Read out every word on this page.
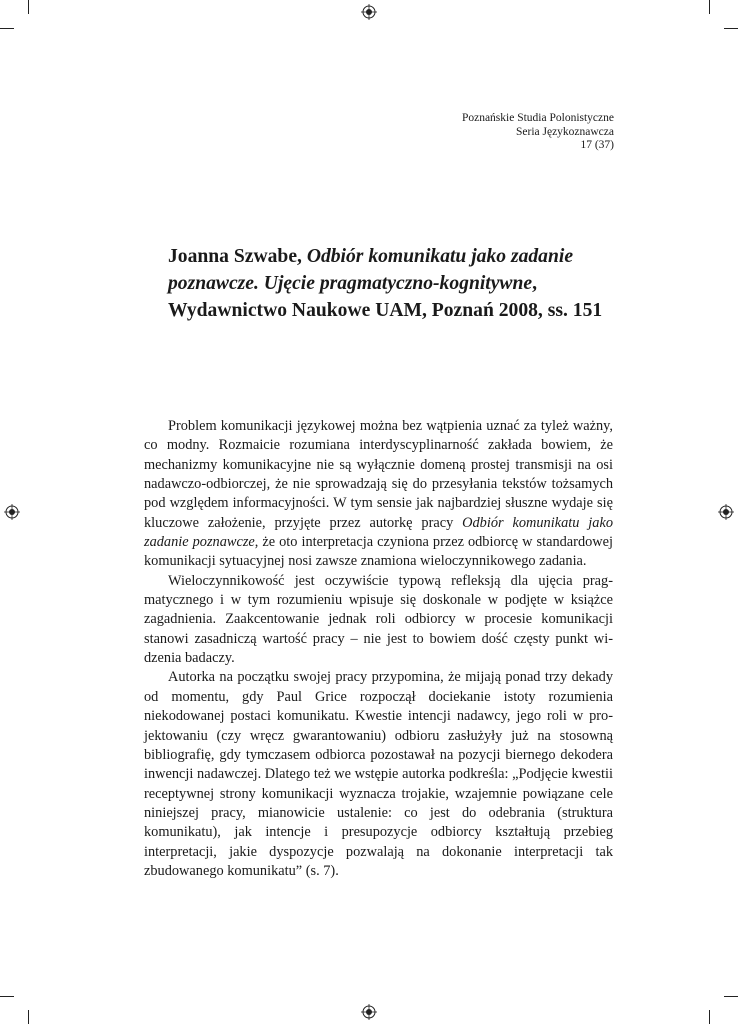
Poznańskie Studia Polonistyczne
Seria Językoznawcza
17 (37)
Joanna Szwabe, Odbiór komunikatu jako zadanie poznawcze. Ujęcie pragmatyczno-kognitywne, Wydawnictwo Naukowe UAM, Poznań 2008, ss. 151

Problem komunikacji językowej można bez wątpienia uznać za tyleż ważny, co modny. Rozmaicie rozumiana interdyscyplinarność zakłada bowiem, że mechanizmy komunikacyjne nie są wyłącznie domeną prostej transmisji na osi nadawczo-odbiorczej, że nie sprowadzają się do przesyłania tekstów tożsamych pod względem informacyjności. W tym sensie jak najbardziej słuszne wydaje się kluczowe założenie, przyjęte przez autorkę pracy Odbiór komunikatu jako zadanie poznawcze, że oto interpretacja czyniona przez odbiorcę w standardowej komunikacji sytuacyjnej nosi zawsze znamiona wieloczynnikowego zadania.

Wieloczynnikowość jest oczywiście typową refleksją dla ujęcia pragmatycznego i w tym rozumieniu wpisuje się doskonale w podjęte w książce zagadnienia. Zaakcentowanie jednak roli odbiorcy w procesie komunikacji stanowi zasadniczą wartość pracy – nie jest to bowiem dość częsty punkt widzenia badaczy.

Autorka na początku swojej pracy przypomina, że mijają ponad trzy dekady od momentu, gdy Paul Grice rozpoczął dociekanie istoty rozumienia niekodowanej postaci komunikatu. Kwestie intencji nadawcy, jego roli w projektowaniu (czy wręcz gwarantowaniu) odbioru zasłużyły już na stosowną bibliografię, gdy tymczasem odbiorca pozostawał na pozycji biernego dekodera inwencji nadawczej. Dlatego też we wstępie autorka podkreśla: „Podjęcie kwestii receptywnej strony komunikacji wyznacza trojakie, wzajemnie powiązane cele niniejszej pracy, mianowicie ustalenie: co jest do odebrania (struktura komunikatu), jak intencje i presupozycje odbiorcy kształtują przebieg interpretacji, jakie dyspozycje pozwalają na dokonanie interpretacji tak zbudowanego komunikatu” (s. 7).
